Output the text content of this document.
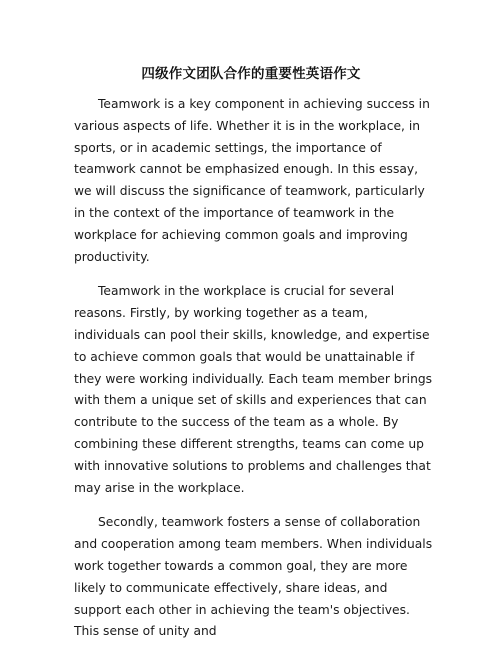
四级作文团队合作的重要性英语作文

Teamwork is a key component in achieving success in various aspects of life. Whether it is in the workplace, in sports, or in academic settings, the importance of teamwork cannot be emphasized enough. In this essay, we will discuss the significance of teamwork, particularly in the context of the importance of teamwork in the workplace for achieving common goals and improving productivity.

Teamwork in the workplace is crucial for several reasons. Firstly, by working together as a team, individuals can pool their skills, knowledge, and expertise to achieve common goals that would be unattainable if they were working individually. Each team member brings with them a unique set of skills and experiences that can contribute to the success of the team as a whole. By combining these different strengths, teams can come up with innovative solutions to problems and challenges that may arise in the workplace.

Secondly, teamwork fosters a sense of collaboration and cooperation among team members. When individuals work together towards a common goal, they are more likely to communicate effectively, share ideas, and support each other in achieving the team's objectives. This sense of unity and
